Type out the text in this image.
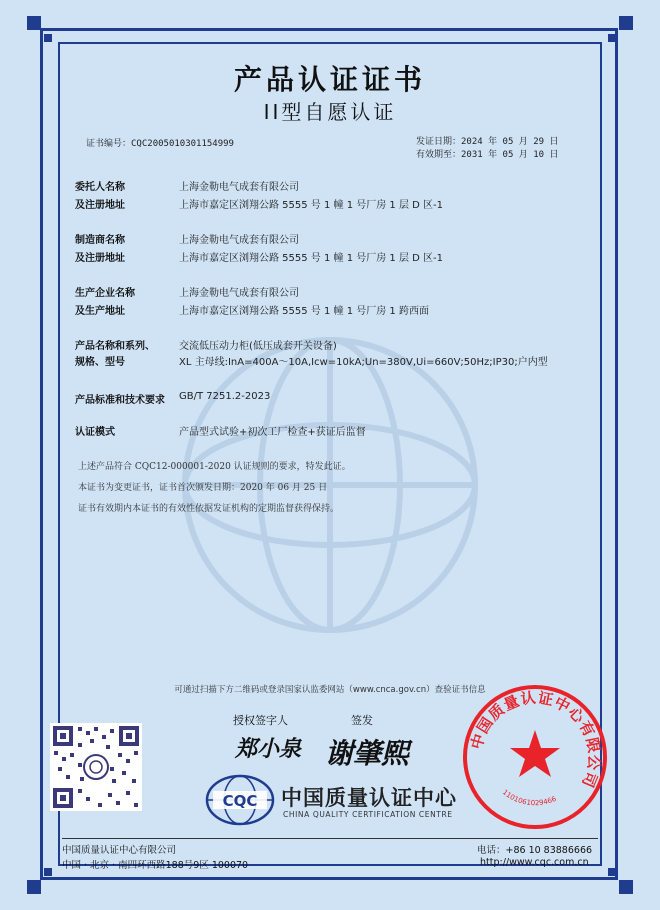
产品认证证书
II型自愿认证
证书编号：CQC2005010301154999	发证日期：2024 年 05 月 29 日
有效期至：2031 年 05 月 10 日
委托人名称	上海金勒电气成套有限公司
及注册地址	上海市嘉定区浏翔公路 5555 号 1 幢 1 号厂房 1 层 D 区-1
制造商名称	上海金勒电气成套有限公司
及注册地址	上海市嘉定区浏翔公路 5555 号 1 幢 1 号厂房 1 层 D 区-1
生产企业名称	上海金勒电气成套有限公司
及生产地址	上海市嘉定区浏翔公路 5555 号 1 幢 1 号厂房 1 跨西面
产品名称和系列、 交流低压动力柜(低压成套开关设备)
规格、型号	XL 主母线:InA=400A～10A,Icw=10kA;Un=380V,Ui=660V;50Hz;IP30;户内型
产品标准和技术要求 GB/T 7251.2-2023
认证模式	产品型式试验+初次工厂检查+获证后监督
上述产品符合 CQC12-000001-2020 认证规则的要求，特发此证。
本证书为变更证书，证书首次颁发日期：2020 年 06 月 25 日
证书有效期内本证书的有效性依据发证机构的定期监督获得保持。
可通过扫描下方二维码或登录国家认监委网站（www.cnca.gov.cn）查验证书信息
授权签字人	签发
郑小泉 谢肇熙
CQC 中国质量认证中心
CHINA QUALITY CERTIFICATION CENTRE
中国质量认证中心有限公司
1101061029466
中国质量认证中心有限公司
中国 · 北京 · 南四环西路188号9区 100070
电话：+86 10 83886666
http://www.cqc.com.cn
